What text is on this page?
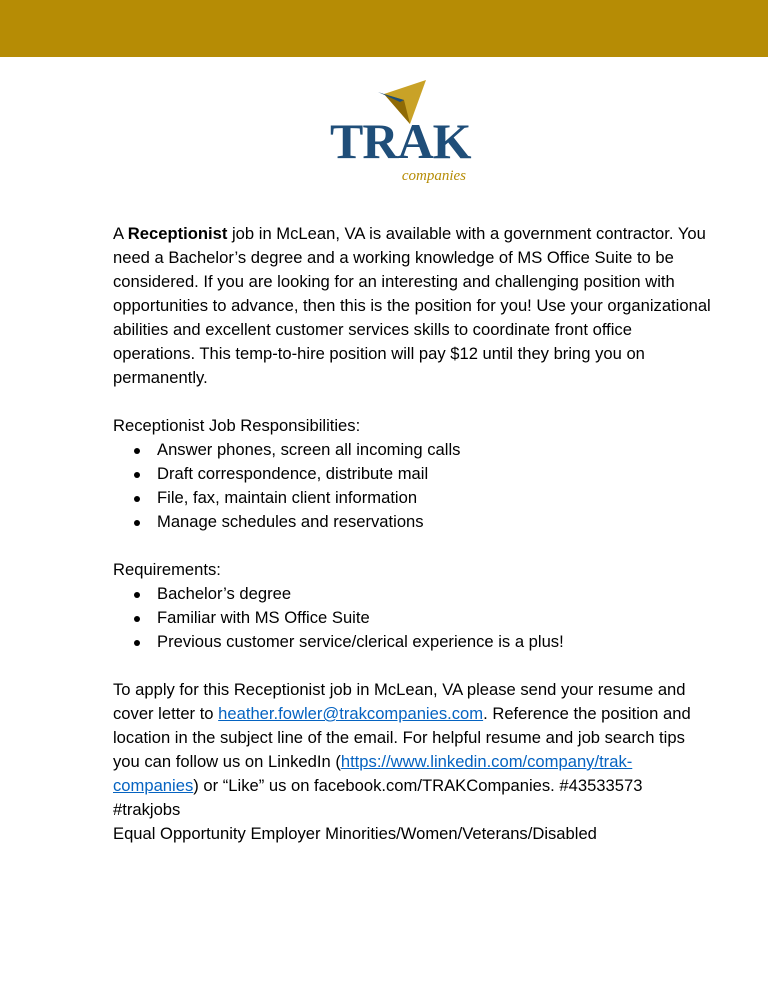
TRAK
companies

A Receptionist job in McLean, VA is available with a government contractor. You need a Bachelor’s degree and a working knowledge of MS Office Suite to be considered. If you are looking for an interesting and challenging position with opportunities to advance, then this is the position for you! Use your organizational abilities and excellent customer services skills to coordinate front office operations. This temp-to-hire position will pay $12 until they bring you on permanently.

Receptionist Job Responsibilities:

Answer phones, screen all incoming calls
Draft correspondence, distribute mail
File, fax, maintain client information
Manage schedules and reservations

Requirements:

Bachelor’s degree
Familiar with MS Office Suite
Previous customer service/clerical experience is a plus!

To apply for this Receptionist job in McLean, VA please send your resume and cover letter to heather.fowler@trakcompanies.com. Reference the position and location in the subject line of the email. For helpful resume and job search tips you can follow us on LinkedIn (https://www.linkedin.com/company/trak-companies) or “Like” us on facebook.com/TRAKCompanies. #43533573 #trakjobs

Equal Opportunity Employer Minorities/Women/Veterans/Disabled
